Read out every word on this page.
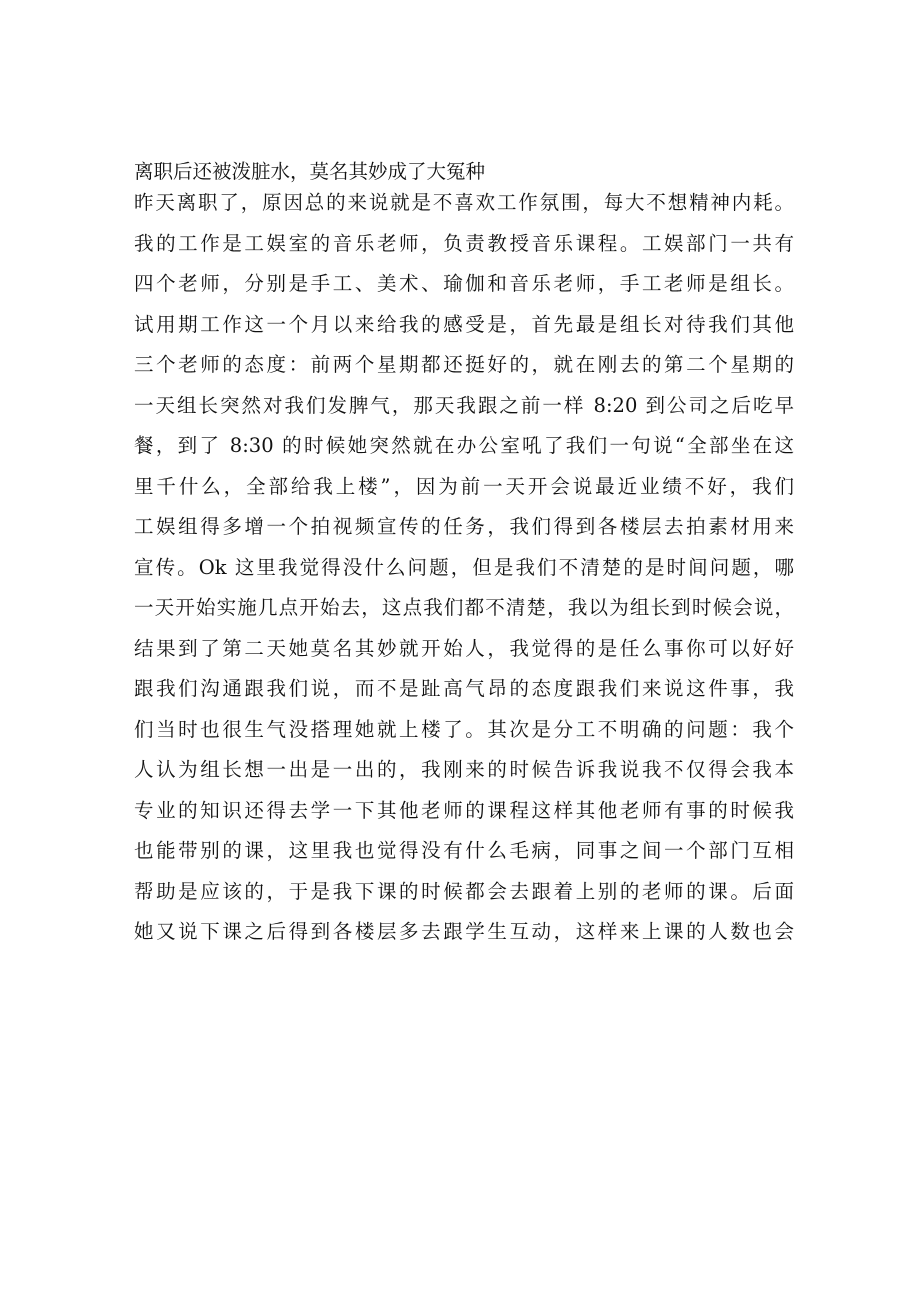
离职后还被泼脏水，莫名其妙成了大冤种
昨天离职了，原因总的来说就是不喜欢工作氛围，每大不想精神内耗。
我的工作是工娱室的音乐老师，负责教授音乐课程。工娱部门一共有
四个老师，分别是手工、美术、瑜伽和音乐老师，手工老师是组长。
试用期工作这一个月以来给我的感受是，首先最是组长对待我们其他
三个老师的态度：前两个星期都还挺好的，就在刚去的第二个星期的
一天组长突然对我们发脾气，那天我跟之前一样 8:20 到公司之后吃早
餐，到了 8:30 的时候她突然就在办公室吼了我们一句说“全部坐在这
里千什么，全部给我上楼”，因为前一天开会说最近业绩不好，我们
工娱组得多增一个拍视频宣传的任务，我们得到各楼层去拍素材用来
宣传。Ok 这里我觉得没什么问题，但是我们不清楚的是时间问题，哪
一天开始实施几点开始去，这点我们都不清楚，我以为组长到时候会说，
结果到了第二天她莫名其妙就开始人，我觉得的是任么事你可以好好
跟我们沟通跟我们说，而不是趾高气昂的态度跟我们来说这件事，我
们当时也很生气没搭理她就上楼了。其次是分工不明确的问题：我个
人认为组长想一出是一出的，我刚来的时候告诉我说我不仅得会我本
专业的知识还得去学一下其他老师的课程这样其他老师有事的时候我
也能带别的课，这里我也觉得没有什么毛病，同事之间一个部门互相
帮助是应该的，于是我下课的时候都会去跟着上别的老师的课。后面
她又说下课之后得到各楼层多去跟学生互动，这样来上课的人数也会
